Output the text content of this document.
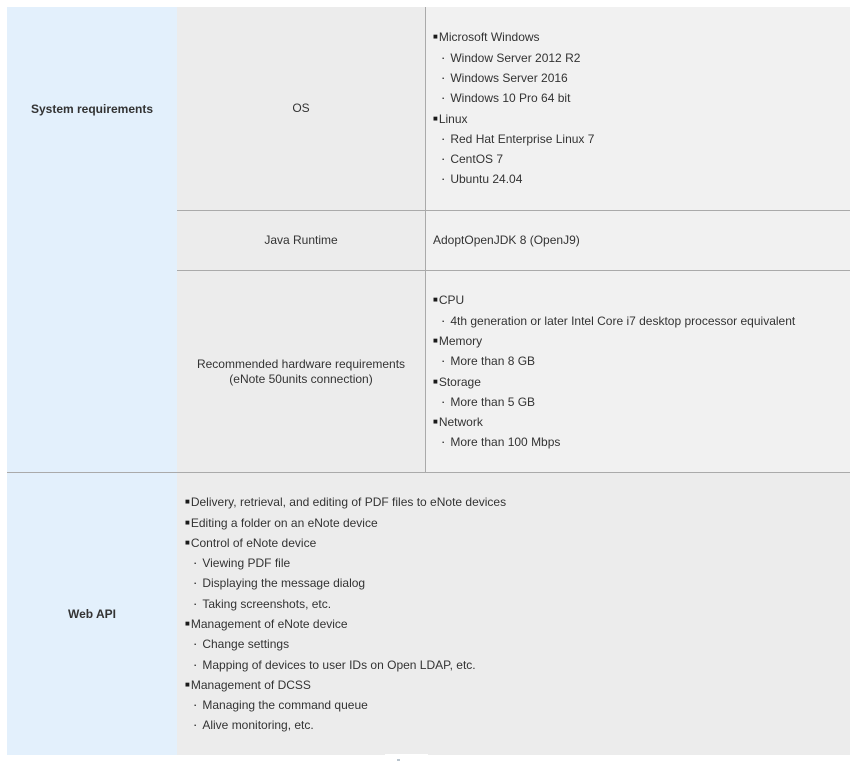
System requirements	OS
■ Microsoft Windows
· Window Server 2012 R2
· Windows Server 2016
· Windows 10 Pro 64 bit
■ Linux
· Red Hat Enterprise Linux 7
· CentOS 7
· Ubuntu 24.04
Java Runtime	AdoptOpenJDK 8 (OpenJ9)
Recommended hardware requirements
(eNote 50units connection)
■ CPU
· 4th generation or later Intel Core i7 desktop processor equivalent
■ Memory
· More than 8 GB
■ Storage
· More than 5 GB
■ Network
· More than 100 Mbps
Web API
■ Delivery, retrieval, and editing of PDF files to eNote devices
■ Editing a folder on an eNote device
■ Control of eNote device
· Viewing PDF file
· Displaying the message dialog
· Taking screenshots, etc.
■ Management of eNote device
· Change settings
· Mapping of devices to user IDs on Open LDAP, etc.
■ Management of DCSS
· Managing the command queue
· Alive monitoring, etc.
